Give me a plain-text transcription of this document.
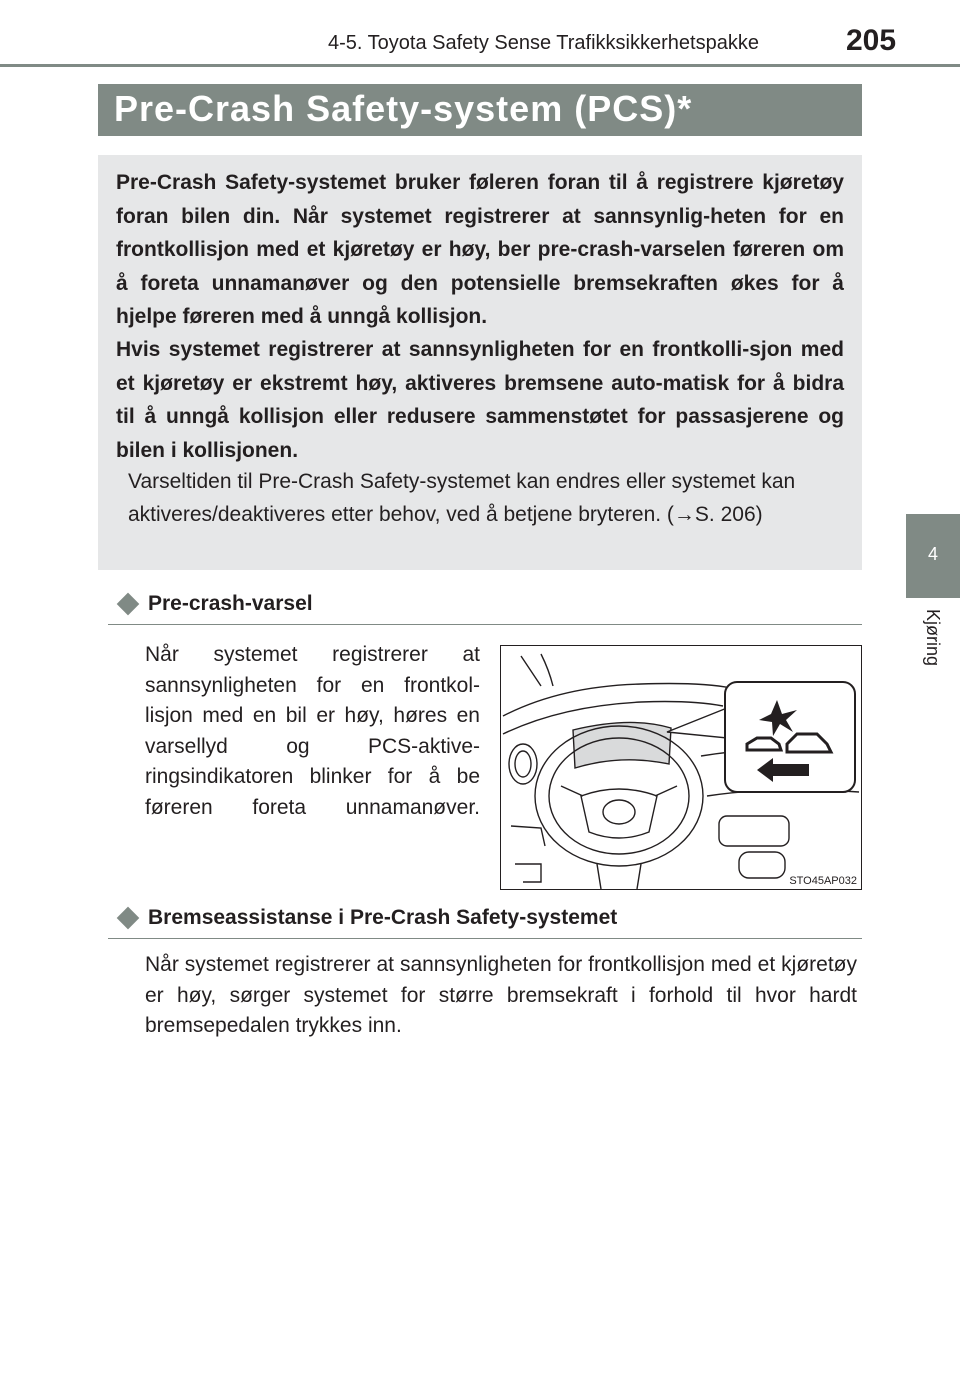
4-5. Toyota Safety Sense Trafikksikkerhetspakke	205
4
Kjøring
Pre-Crash Safety-system (PCS)*

Pre-Crash Safety-systemet bruker føleren foran til å registrere kjøretøy foran bilen din. Når systemet registrerer at sannsynlig-heten for en frontkollisjon med et kjøretøy er høy, ber pre-crash-varselen føreren om å foreta unnamanøver og den potensielle bremsekraften økes for å hjelpe føreren med å unngå kollisjon.

Hvis systemet registrerer at sannsynligheten for en frontkolli-sjon med et kjøretøy er ekstremt høy, aktiveres bremsene auto-matisk for å bidra til å unngå kollisjon eller redusere sammenstøtet for passasjerene og bilen i kollisjonen.

Varseltiden til Pre-Crash Safety-systemet kan endres eller systemet kan aktiveres/deaktiveres etter behov, ved å betjene bryteren. (→S. 206)

Pre-crash-varsel

Når systemet registrerer at sannsynligheten for en frontkol-lisjon med en bil er høy, høres en varsellyd og PCS-aktive-ringsindikatoren blinker for å be føreren foreta unnamanøver.

STO45AP032
Bremseassistanse i Pre-Crash Safety-systemet

Når systemet registrerer at sannsynligheten for frontkollisjon med et kjøretøy er høy, sørger systemet for større bremsekraft i forhold til hvor hardt bremsepedalen trykkes inn.
